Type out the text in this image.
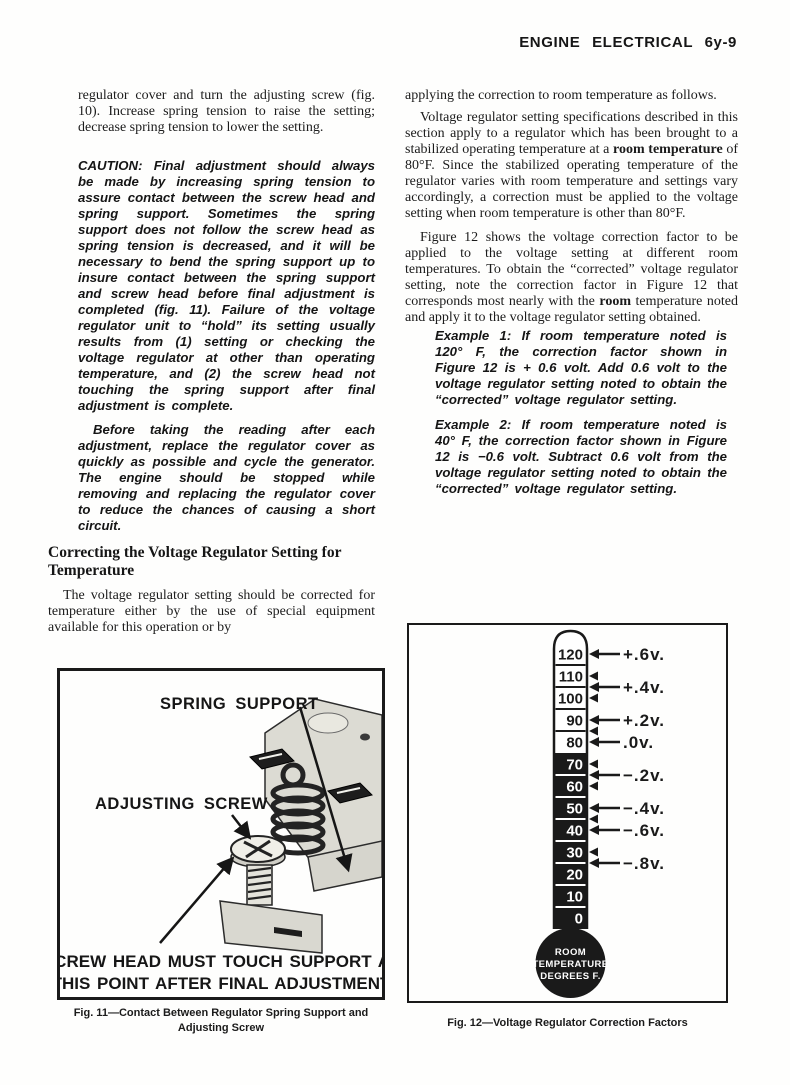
ENGINE ELECTRICAL 6y-9

regulator cover and turn the adjusting screw (fig. 10). Increase spring tension to raise the setting; decrease spring tension to lower the setting.

CAUTION: Final adjustment should always be made by increasing spring tension to assure contact between the screw head and spring support. Sometimes the spring support does not follow the screw head as spring tension is decreased, and it will be necessary to bend the spring support up to insure contact between the spring support and screw head before final adjustment is completed (fig. 11). Failure of the voltage regulator unit to “hold” its setting usually results from (1) setting or checking the voltage regulator at other than operating temperature, and (2) the screw head not touching the spring support after final adjustment is complete.

Before taking the reading after each adjustment, replace the regulator cover as quickly as possible and cycle the generator. The engine should be stopped while removing and replacing the regulator cover to reduce the chances of causing a short circuit.

Correcting the Voltage Regulator Setting for Temperature

The voltage regulator setting should be corrected for temperature either by the use of special equipment available for this operation or by

applying the correction to room temperature as follows.

Voltage regulator setting specifications described in this section apply to a regulator which has been brought to a stabilized operating temperature at a room temperature of 80°F. Since the stabilized operating temperature of the regulator varies with room temperature and settings vary accordingly, a correction must be applied to the voltage setting when room temperature is other than 80°F.

Figure 12 shows the voltage correction factor to be applied to the voltage setting at different room temperatures. To obtain the “corrected” voltage regulator setting, note the correction factor in Figure 12 that corresponds most nearly with the room temperature noted and apply it to the voltage regulator setting obtained.

Example 1: If room temperature noted is 120° F, the correction factor shown in Figure 12 is + 0.6 volt. Add 0.6 volt to the voltage regulator setting noted to obtain the “corrected” voltage regulator setting.

Example 2: If room temperature noted is 40° F, the correction factor shown in Figure 12 is −0.6 volt. Subtract 0.6 volt from the voltage regulator setting noted to obtain the “corrected” voltage regulator setting.

SPRING SUPPORT
ADJUSTING SCREW
SCREW HEAD MUST TOUCH SUPPORT AT
THIS POINT AFTER FINAL ADJUSTMENT
Fig. 11—Contact Between Regulator Spring Support and
Adjusting Screw
120
110
100
90
80
70
60
50
40
30
20
10
0
ROOM
TEMPERATURE
DEGREES F.
+.6v.
+.4v.
+.2v.
.0v.
−.2v.
−.4v.
−.6v.
−.8v.
Fig. 12—Voltage Regulator Correction Factors
